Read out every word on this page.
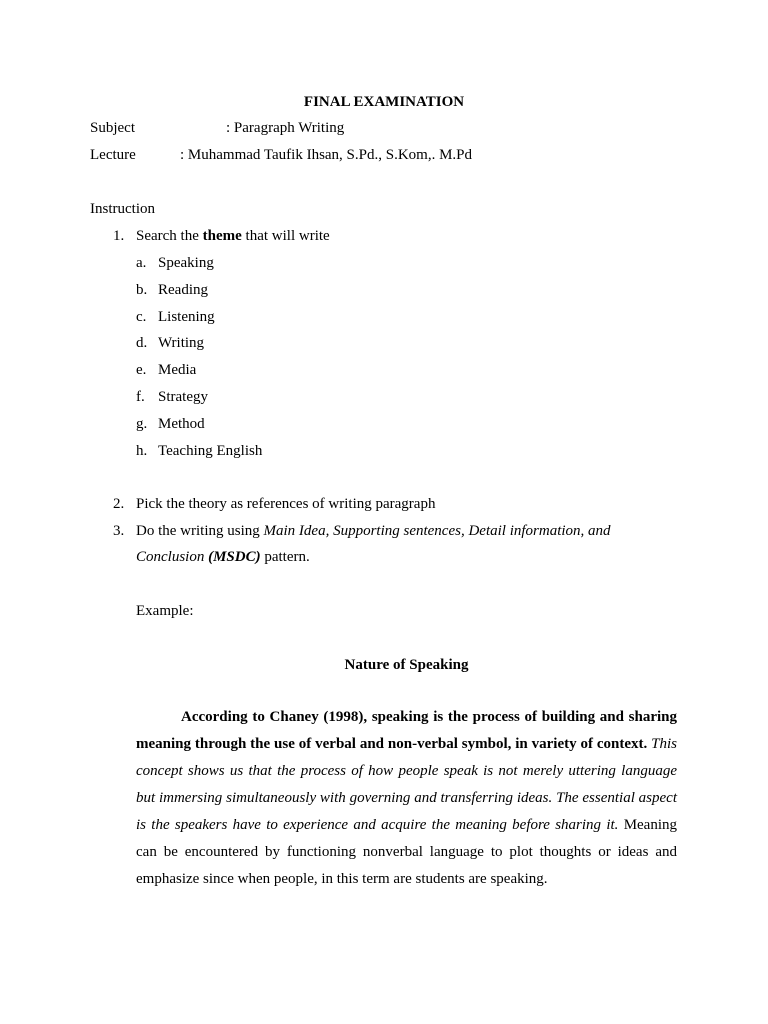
FINAL EXAMINATION
Subject	: Paragraph Writing
Lecture	: Muhammad Taufik Ihsan, S.Pd., S.Kom,. M.Pd
Instruction
1. Search the theme that will write
a. Speaking
b. Reading
c. Listening
d. Writing
e. Media
f. Strategy
g. Method
h. Teaching English
2. Pick the theory as references of writing paragraph
3. Do the writing using Main Idea, Supporting sentences, Detail information, and
Conclusion (MSDC) pattern.
Example:
Nature of Speaking
According to Chaney (1998), speaking is the process of building and sharing meaning through the use of verbal and non-verbal symbol, in variety of context. This concept shows us that the process of how people speak is not merely uttering language but immersing simultaneously with governing and transferring ideas. The essential aspect is the speakers have to experience and acquire the meaning before sharing it. Meaning can be encountered by functioning nonverbal language to plot thoughts or ideas and emphasize since when people, in this term are students are speaking.
